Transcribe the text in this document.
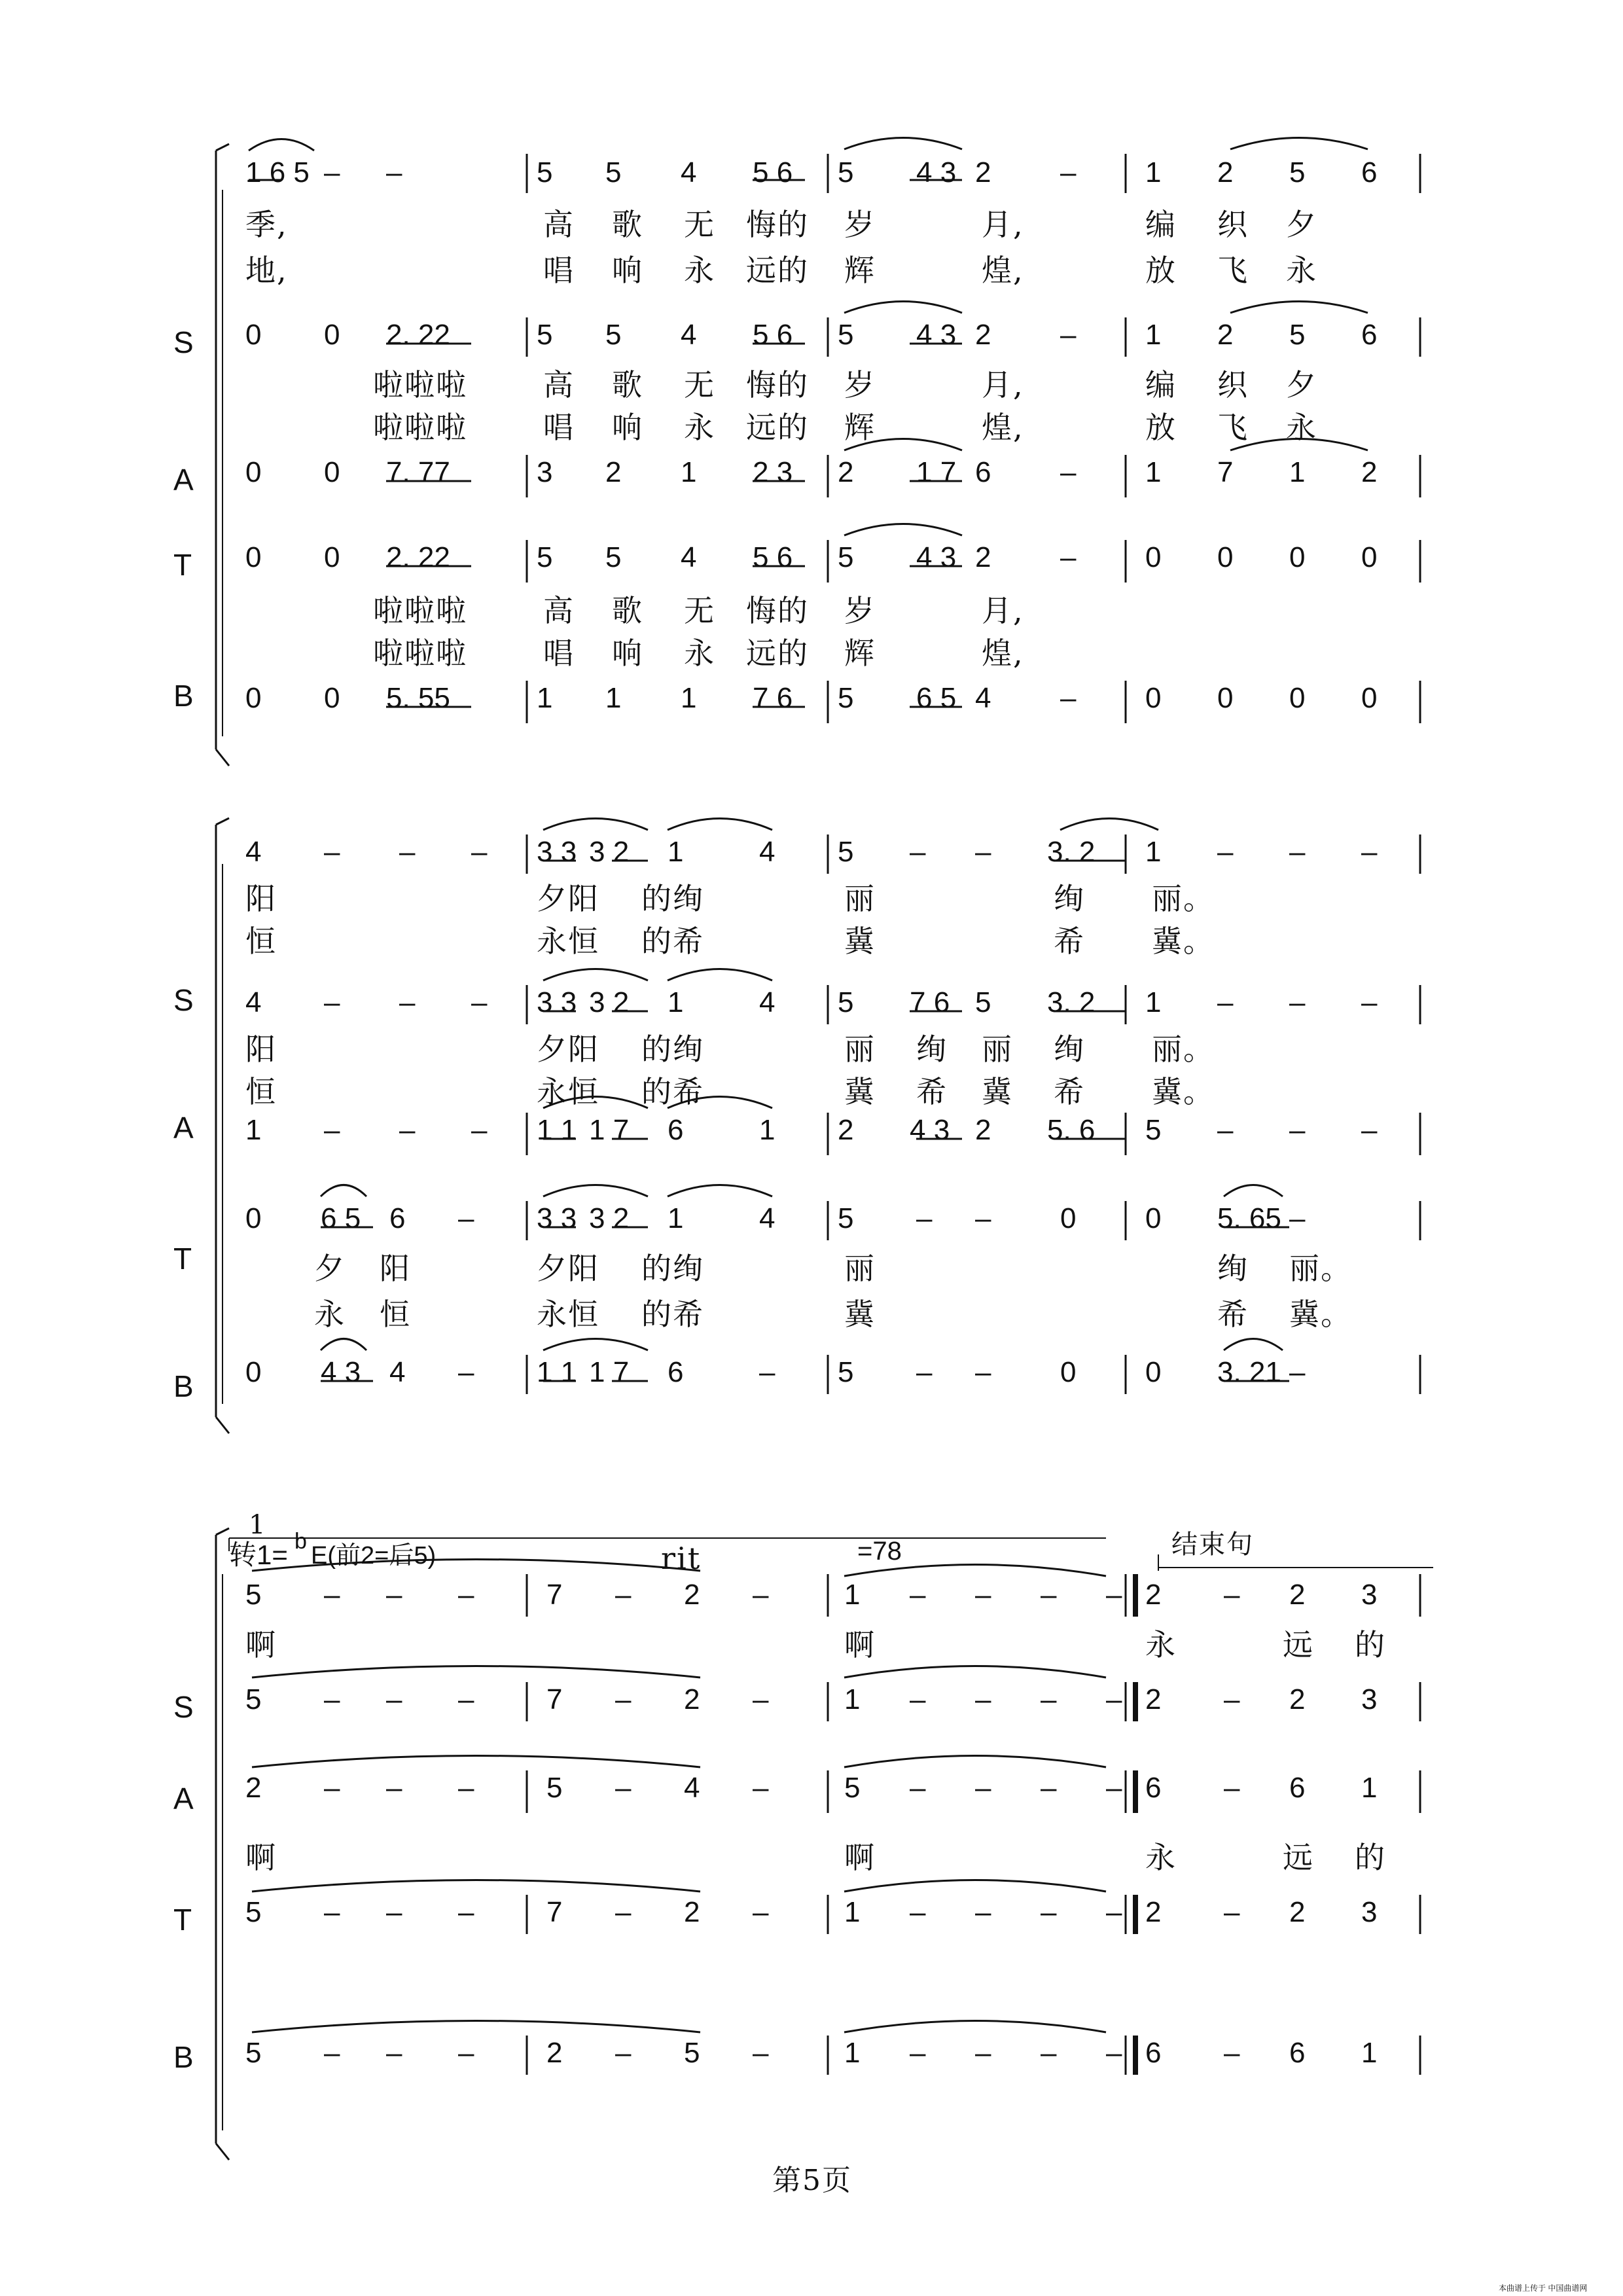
1 6 5 – –	5 5 4 5 6 5 4 3 2 – 1 2 5 6
0 0 2. 22	5 5 4 5 6 5 4 3 2 – 1 2 5 6
0 0 7. 77	3 2 1 2 3 2 1 7 6 – 1 7 1 2
0 0 2. 22	5 5 4 5 6 5 4 3 2 – 0 0 0 0
0 0 5. 55	1 1 1 7 6 5 6 5 4 – 0 0 0 0
季,	高 歌 无 悔的 岁	月,	编 织 夕
地,	唱 响 永 远的 辉	煌,	放 飞 永
啦啦啦	高 歌 无 悔的 岁	月,	编 织 夕
啦啦啦	唱 响 永 远的 辉	煌,	放 飞 永
啦啦啦	高 歌 无 悔的 岁	月,
啦啦啦	唱 响 永 远的 辉	煌,
4 – – – 3 3 3 2 1	4 5 – – 3. 2 1 – – –
4 – – – 3 3 3 2 1	4 5 7 6 5 3. 2 1 – – –
1 – – – 1 1 1 7 6	1 2 4 3 2 5. 6 5 – – –
0 6 5 6 – 3 3 3 2 1	4 5 – – 0 0 5. 65 –
0 4 3 4 – 1 1 1 7 6	– 5 – – 0 0 3. 21 –
阳	夕阳 的绚	丽	绚 丽。
恒	永恒 的希	冀	希 冀。
阳	夕阳 的绚	丽 绚 丽 绚 丽。
恒	永恒 的希	冀 希 冀 希 冀。
夕 阳	夕阳 的绚	丽	绚 丽。
永 恒	永恒 的希	冀	希 冀。
5 – – –	7 – 2 –	1 – – – – 2 – 2 3
5 – – –	7 – 2 –	1 – – – – 2 – 2 3
2 – – –	5 – 4 –	5 – – – – 6 – 6 1
5 – – –	7 – 2 –	1 – – – – 2 – 2 3
5 – – –	2 – 5 –	1 – – – – 6 – 6 1
啊	啊	永	远 的
啊	啊	永	远 的
1
转1= b
E(前2=后5)	rit	=78	结束句
S
A
T
B
S
A
T
B
S
A
T
B
第5页
本曲谱上传于 中国曲谱网
